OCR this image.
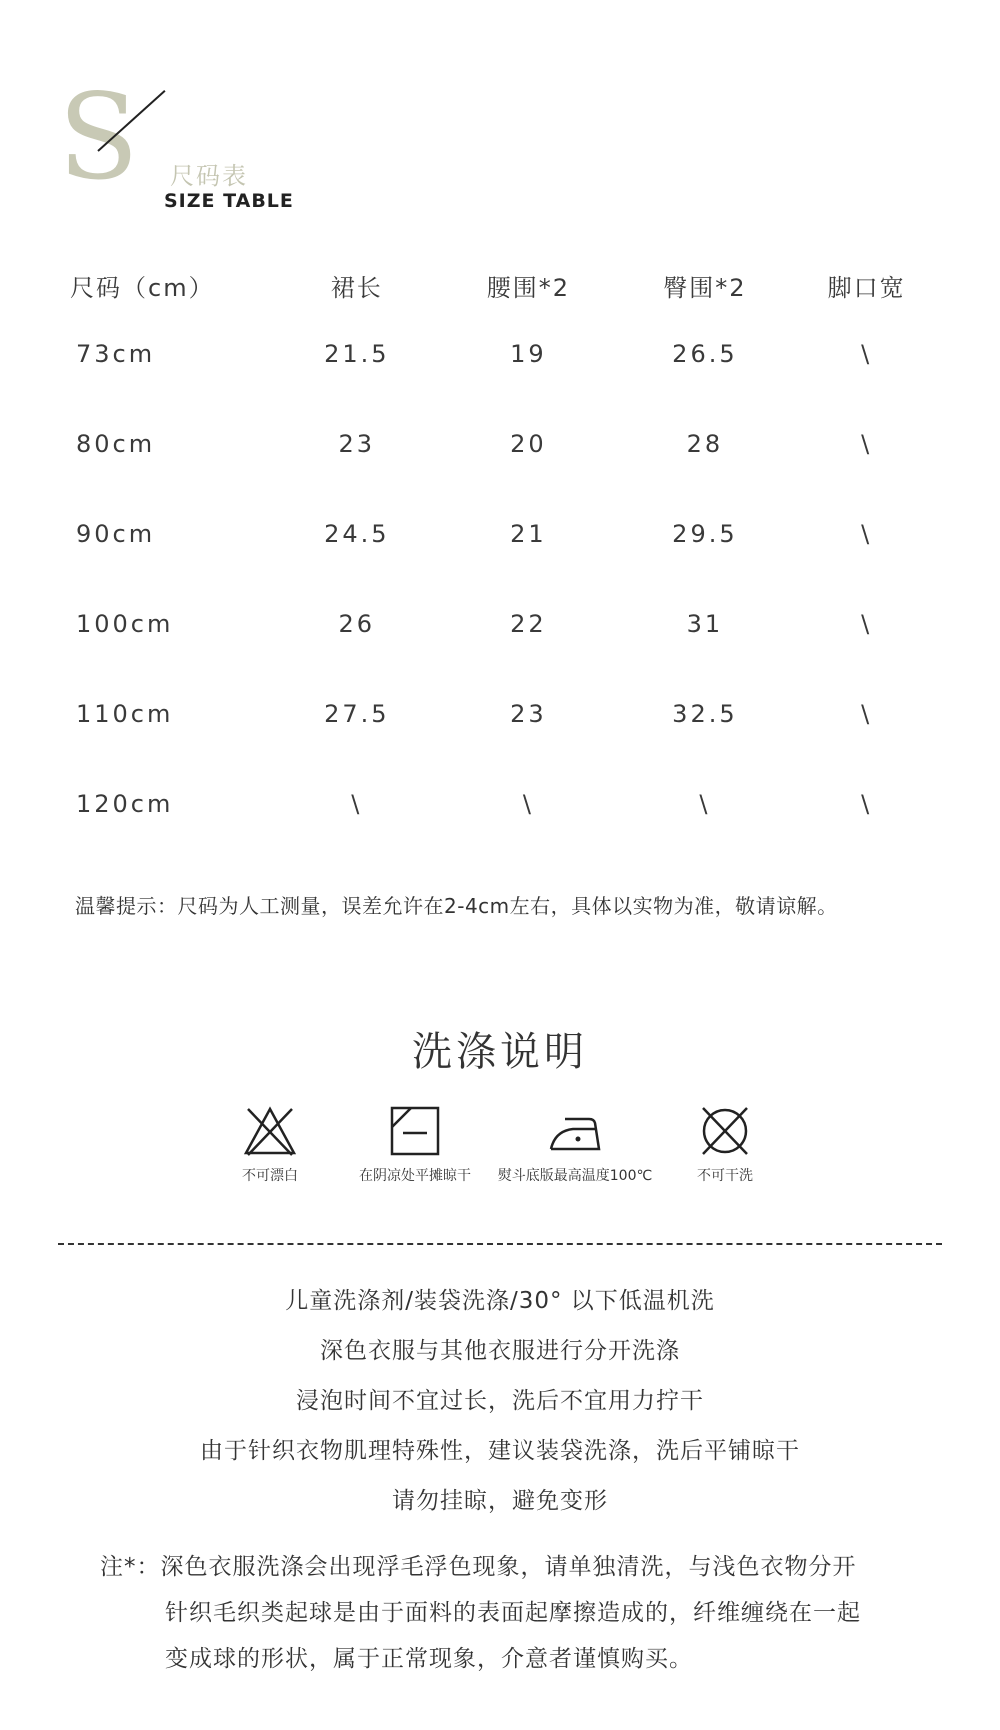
S 尺码表
SIZE TABLE
尺码（cm）	裙长	腰围*2	臀围*2	脚口宽
73cm	21.5	19	26.5	\
80cm	23	20	28	\
90cm	24.5	21	29.5	\
100cm	26	22	31	\
110cm	27.5	23	32.5	\
120cm	\	\	\	\
温馨提示：尺码为人工测量，误差允许在2-4cm左右，具体以实物为准，敬请谅解。
洗涤说明
不可漂白	在阴凉处平摊晾干	熨斗底版最高温度100℃	不可干洗
儿童洗涤剂/装袋洗涤/30° 以下低温机洗
深色衣服与其他衣服进行分开洗涤
浸泡时间不宜过长，洗后不宜用力拧干
由于针织衣物肌理特殊性，建议装袋洗涤，洗后平铺晾干
请勿挂晾，避免变形
注*：深色衣服洗涤会出现浮毛浮色现象，请单独清洗，与浅色衣物分开
针织毛织类起球是由于面料的表面起摩擦造成的，纤维缠绕在一起
变成球的形状，属于正常现象，介意者谨慎购买。
